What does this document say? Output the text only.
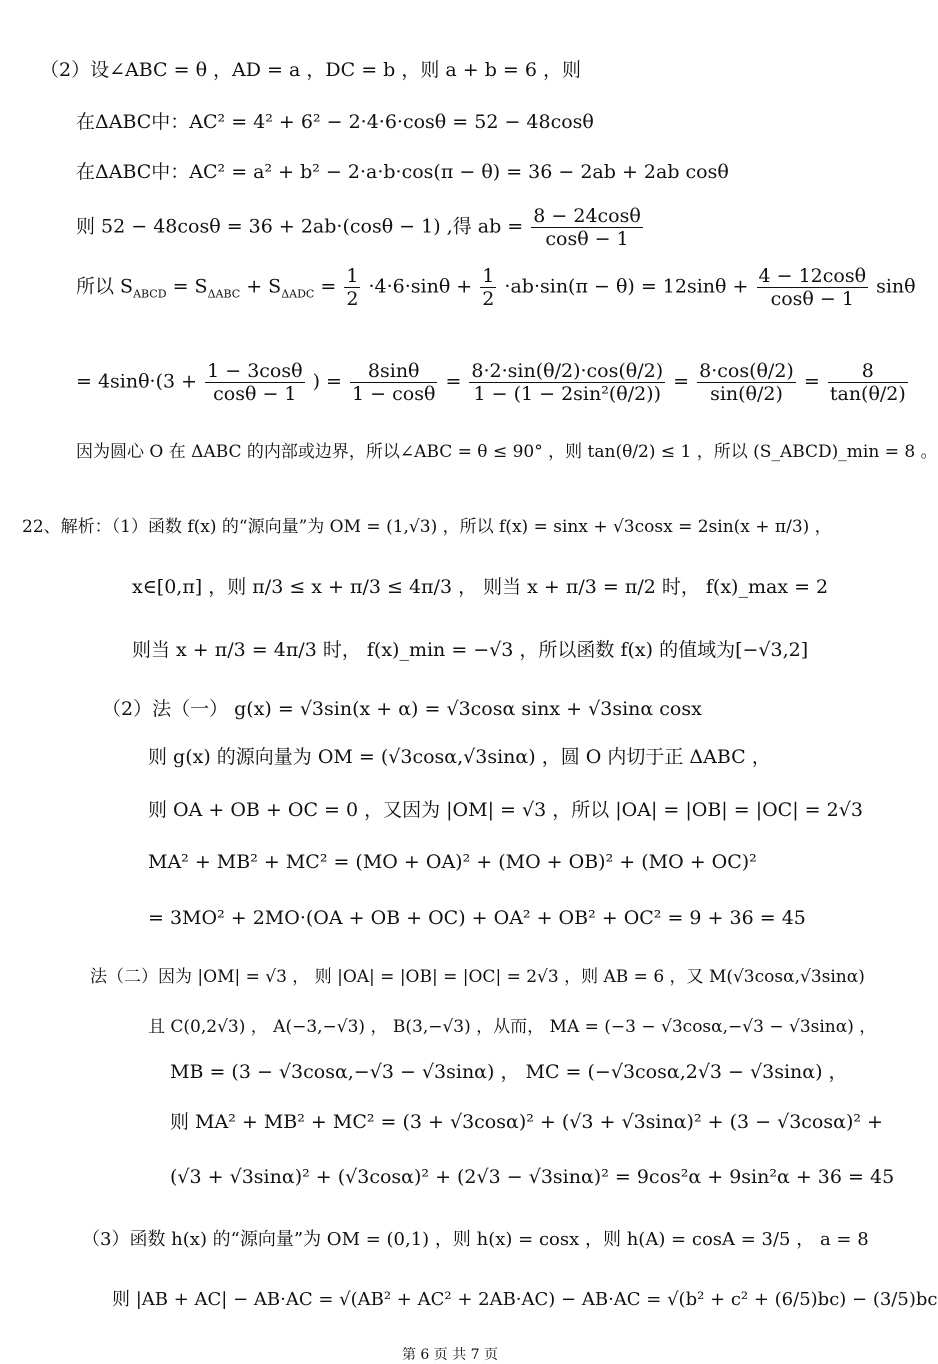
（2）设∠ABC = θ ，AD = a ，DC = b ，则 a + b = 6 ，则
在ΔABC中：AC² = 4² + 6² − 2·4·6·cosθ = 52 − 48cosθ
在ΔABC中：AC² = a² + b² − 2·a·b·cos(π − θ) = 36 − 2ab + 2ab cosθ
则 52 − 48cosθ = 36 + 2ab·(cosθ − 1) ,得 ab = $\frac{8 - 24\cos\theta}{\cos\theta - 1}$
所以 $S_{ABCD} = S_{\Delta ABC} + S_{\Delta ADC} = \frac{1}{2} \cdot 4\cdot 6\cdot\sin\theta + \frac{1}{2} \cdot ab\cdot\sin(\pi - \theta) = 12\sin\theta + \frac{4 - 12\cos\theta}{\cos\theta - 1}$ sinθ
= $4\sin\theta\cdot(3 + \frac{1 - 3\cos\theta}{\cos\theta - 1}$ ) = $\frac{8\sin\theta}{1 - \cos\theta} = \frac{8\cdot 2\cdot\sin(\theta/2)\cdot\cos(\theta/2)}{\text{1 − (1 − 2sin²(θ/2))}} = \frac{8\cdot\cos(\theta/2)}{\sin(\theta/2)} = \frac{8}{\tan(\theta/2)}$
因为圆心 O 在 ΔABC 的内部或边界，所以∠ABC = θ ≤ 90° ，则 tan(θ/2) ≤ 1 ，所以 (S_ABCD)_min = 8 。
22、解析：（1）函数 f(x) 的“源向量”为 OM = (1,√3) ，所以 f(x) = sinx + √3cosx = 2sin(x + π/3) ，
x∈[0,π] ，则 π/3 ≤ x + π/3 ≤ 4π/3 ， 则当 x + π/3 = π/2 时， f(x)_max = 2
则当 x + π/3 = 4π/3 时， f(x)_min = −√3 ，所以函数 f(x) 的值域为[−√3,2]
（2）法（一） g(x) = √3sin(x + α) = √3cosα sinx + √3sinα cosx
则 g(x) 的源向量为 OM = (√3cosα,√3sinα) ，圆 O 内切于正 ΔABC ，
则 OA + OB + OC = 0 ，又因为 |OM| = √3 ，所以 |OA| = |OB| = |OC| = 2√3
MA² + MB² + MC² = (MO + OA)² + (MO + OB)² + (MO + OC)²
= 3MO² + 2MO·(OA + OB + OC) + OA² + OB² + OC² = 9 + 36 = 45
法（二）因为 |OM| = √3 ， 则 |OA| = |OB| = |OC| = 2√3 ，则 AB = 6 ，又 M(√3cosα,√3sinα)
且 C(0,2√3) ， A(−3,−√3) ， B(3,−√3) ，从而， MA = (−3 − √3cosα,−√3 − √3sinα) ，
MB = (3 − √3cosα,−√3 − √3sinα) ， MC = (−√3cosα,2√3 − √3sinα) ，
则 MA² + MB² + MC² = (3 + √3cosα)² + (√3 + √3sinα)² + (3 − √3cosα)² +
(√3 + √3sinα)² + (√3cosα)² + (2√3 − √3sinα)² = 9cos²α + 9sin²α + 36 = 45
（3）函数 h(x) 的“源向量”为 OM = (0,1) ，则 h(x) = cosx ，则 h(A) = cosA = 3/5 ， a = 8
则 |AB + AC| − AB·AC = √(AB² + AC² + 2AB·AC) − AB·AC = √(b² + c² + (6/5)bc) − (3/5)bc
第 6 页 共 7 页
